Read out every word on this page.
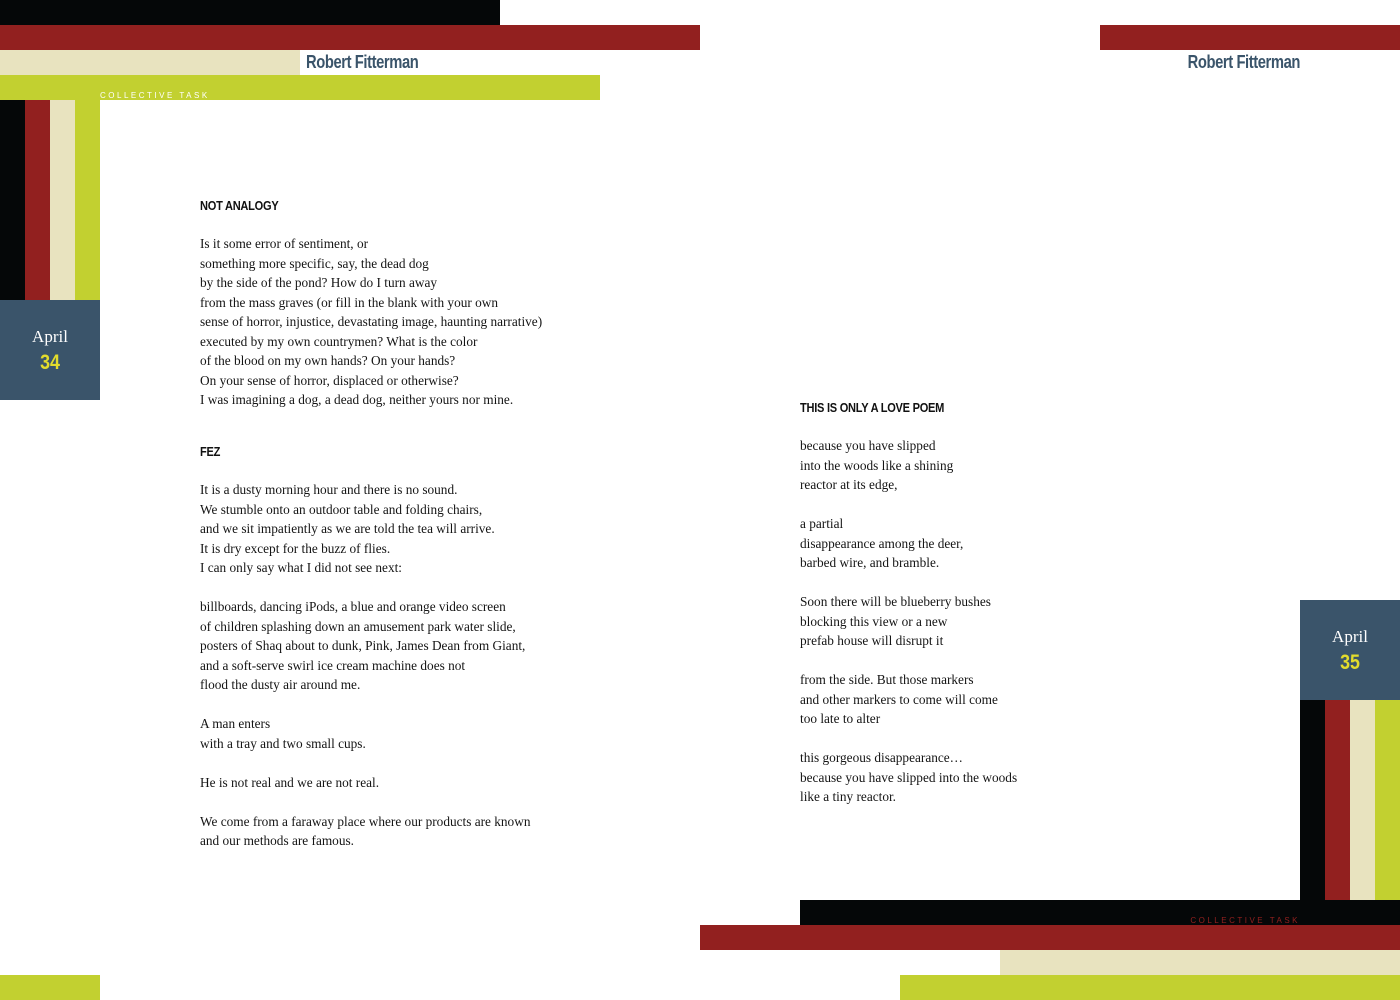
Robert Fitterman
COLLECTIVE TASK
April
34
NOT ANALOGY
Is it some error of sentiment, or
something more specific, say, the dead dog
by the side of the pond? How do I turn away
from the mass graves (or fill in the blank with your own
sense of horror, injustice, devastating image, haunting narrative)
executed by my own countrymen? What is the color
of the blood on my own hands? On your hands?
On your sense of horror, displaced or otherwise?
I was imagining a dog, a dead dog, neither yours nor mine.
FEZ
It is a dusty morning hour and there is no sound.
We stumble onto an outdoor table and folding chairs,
and we sit impatiently as we are told the tea will arrive.
It is dry except for the buzz of flies.
I can only say what I did not see next:
billboards, dancing iPods, a blue and orange video screen
of children splashing down an amusement park water slide,
posters of Shaq about to dunk, Pink, James Dean from Giant,
and a soft-serve swirl ice cream machine does not
flood the dusty air around me.
A man enters
with a tray and two small cups.
He is not real and we are not real.
We come from a faraway place where our products are known
and our methods are famous.
Robert Fitterman
COLLECTIVE TASK
April
35
THIS IS ONLY A LOVE POEM
because you have slipped
into the woods like a shining
reactor at its edge,
a partial
disappearance among the deer,
barbed wire, and bramble.
Soon there will be blueberry bushes
blocking this view or a new
prefab house will disrupt it
from the side. But those markers
and other markers to come will come
too late to alter
this gorgeous disappearance…
because you have slipped into the woods
like a tiny reactor.
